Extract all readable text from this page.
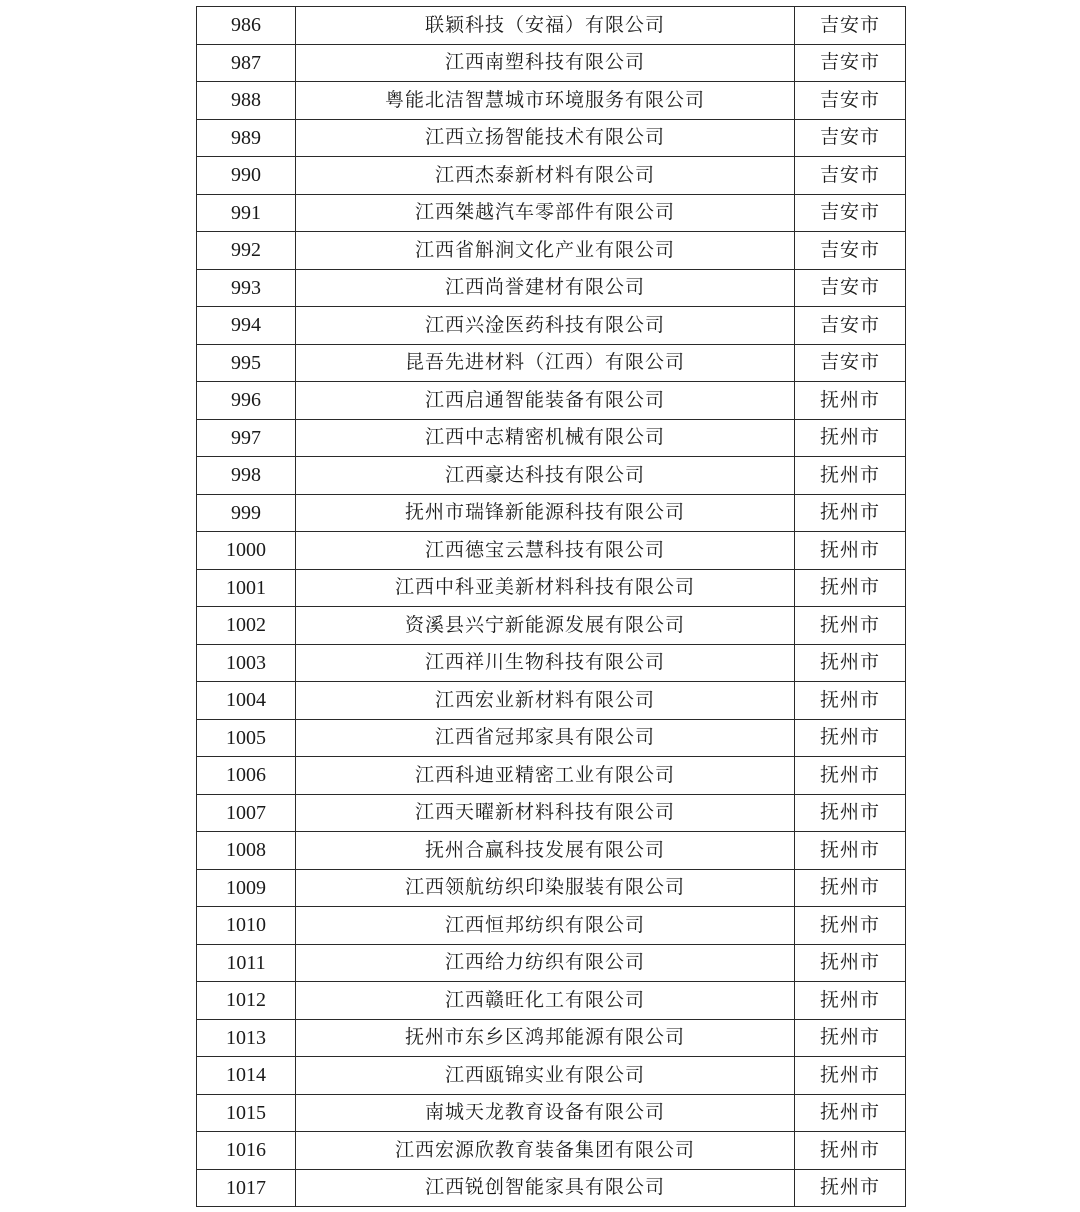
986	联颖科技（安福）有限公司	吉安市
987	江西南塑科技有限公司	吉安市
988	粤能北洁智慧城市环境服务有限公司	吉安市
989	江西立扬智能技术有限公司	吉安市
990	江西杰泰新材料有限公司	吉安市
991	江西桀越汽车零部件有限公司	吉安市
992	江西省斛涧文化产业有限公司	吉安市
993	江西尚誉建材有限公司	吉安市
994	江西兴淦医药科技有限公司	吉安市
995	昆吾先进材料（江西）有限公司	吉安市
996	江西启通智能装备有限公司	抚州市
997	江西中志精密机械有限公司	抚州市
998	江西豪达科技有限公司	抚州市
999	抚州市瑞锋新能源科技有限公司	抚州市
1000	江西德宝云慧科技有限公司	抚州市
1001	江西中科亚美新材料科技有限公司	抚州市
1002	资溪县兴宁新能源发展有限公司	抚州市
1003	江西祥川生物科技有限公司	抚州市
1004	江西宏业新材料有限公司	抚州市
1005	江西省冠邦家具有限公司	抚州市
1006	江西科迪亚精密工业有限公司	抚州市
1007	江西天曜新材料科技有限公司	抚州市
1008	抚州合赢科技发展有限公司	抚州市
1009	江西领航纺织印染服装有限公司	抚州市
1010	江西恒邦纺织有限公司	抚州市
1011	江西给力纺织有限公司	抚州市
1012	江西赣旺化工有限公司	抚州市
1013	抚州市东乡区鸿邦能源有限公司	抚州市
1014	江西瓯锦实业有限公司	抚州市
1015	南城天龙教育设备有限公司	抚州市
1016	江西宏源欣教育装备集团有限公司	抚州市
1017	江西锐创智能家具有限公司	抚州市
